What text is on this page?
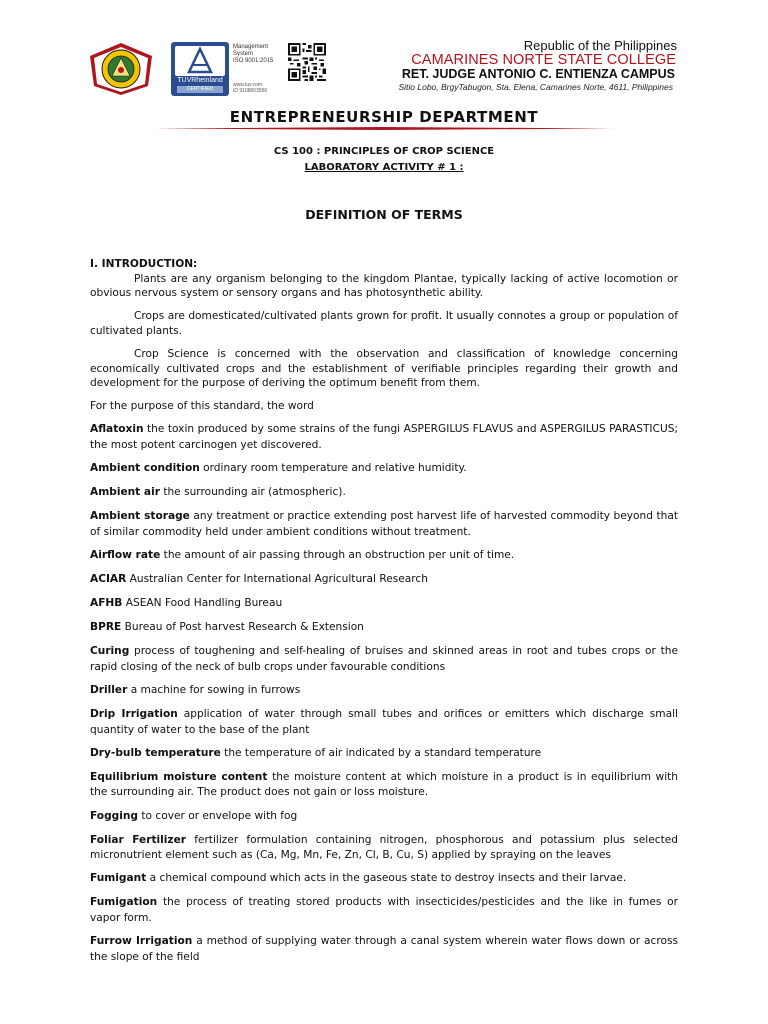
TÜVRheinland
CERTIFIED
Management
System
ISO 9001:2015
www.tuv.com
ID 9108653556
Republic of the Philippines
CAMARINES NORTE STATE COLLEGE
RET. JUDGE ANTONIO C. ENTIENZA CAMPUS
Sitio Lobo, BrgyTabugon, Sta. Elena, Camarines Norte, 4611, Philippines
ENTREPRENEURSHIP DEPARTMENT
CS 100 : PRINCIPLES OF CROP SCIENCE
LABORATORY ACTIVITY # 1 :
DEFINITION OF TERMS

I. INTRODUCTION:

Plants are any organism belonging to the kingdom Plantae, typically lacking of active locomotion or obvious nervous system or sensory organs and has photosynthetic ability.

Crops are domesticated/cultivated plants grown for profit. It usually connotes a group or population of cultivated plants.

Crop Science is concerned with the observation and classification of knowledge concerning economically cultivated crops and the establishment of verifiable principles regarding their growth and development for the purpose of deriving the optimum benefit from them.

For the purpose of this standard, the word

Aflatoxin the toxin produced by some strains of the fungi ASPERGILUS FLAVUS and ASPERGILUS PARASTICUS; the most potent carcinogen yet discovered.

Ambient condition ordinary room temperature and relative humidity.

Ambient air the surrounding air (atmospheric).

Ambient storage any treatment or practice extending post harvest life of harvested commodity beyond that of similar commodity held under ambient conditions without treatment.

Airflow rate the amount of air passing through an obstruction per unit of time.

ACIAR Australian Center for International Agricultural Research

AFHB ASEAN Food Handling Bureau

BPRE Bureau of Post harvest Research & Extension

Curing process of toughening and self-healing of bruises and skinned areas in root and tubes crops or the rapid closing of the neck of bulb crops under favourable conditions

Driller a machine for sowing in furrows

Drip Irrigation application of water through small tubes and orifices or emitters which discharge small quantity of water to the base of the plant

Dry-bulb temperature the temperature of air indicated by a standard temperature

Equilibrium moisture content the moisture content at which moisture in a product is in equilibrium with the surrounding air. The product does not gain or loss moisture.

Fogging to cover or envelope with fog

Foliar Fertilizer fertilizer formulation containing nitrogen, phosphorous and potassium plus selected micronutrient element such as (Ca, Mg, Mn, Fe, Zn, Cl, B, Cu, S) applied by spraying on the leaves

Fumigant a chemical compound which acts in the gaseous state to destroy insects and their larvae.

Fumigation the process of treating stored products with insecticides/pesticides and the like in fumes or vapor form.

Furrow Irrigation a method of supplying water through a canal system wherein water flows down or across the slope of the field
